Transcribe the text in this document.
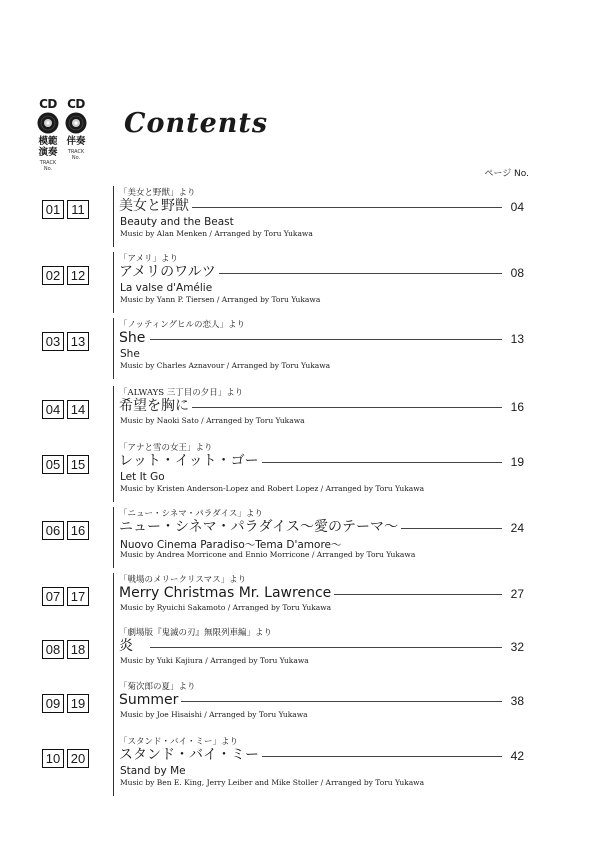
CD
模範演奏
TRACK No.
CD
伴奏
TRACK No.
Contents
ページ No.
01 11
「美女と野獣」より
美女と野獣	04
Beauty and the Beast
Music by Alan Menken / Arranged by Toru Yukawa
02 12
「アメリ」より
アメリのワルツ	08
La valse d'Amélie
Music by Yann P. Tiersen / Arranged by Toru Yukawa
03 13
「ノッティングヒルの恋人」より
She	13
She
Music by Charles Aznavour / Arranged by Toru Yukawa
04 14
「ALWAYS 三丁目の夕日」より
希望を胸に	16
Music by Naoki Sato / Arranged by Toru Yukawa
05 15
「アナと雪の女王」より
レット・イット・ゴー	19
Let It Go
Music by Kristen Anderson-Lopez and Robert Lopez / Arranged by Toru Yukawa
06 16
「ニュー・シネマ・パラダイス」より
ニュー・シネマ・パラダイス〜愛のテーマ〜	24
Nuovo Cinema Paradiso〜Tema D'amore〜
Music by Andrea Morricone and Ennio Morricone / Arranged by Toru Yukawa
07 17
「戦場のメリークリスマス」より
Merry Christmas Mr. Lawrence	27
Music by Ryuichi Sakamoto / Arranged by Toru Yukawa
08 18
「劇場版『鬼滅の刃』無限列車編」より
炎	32
Music by Yuki Kajiura / Arranged by Toru Yukawa
09 19
「菊次郎の夏」より
Summer	38
Music by Joe Hisaishi / Arranged by Toru Yukawa
10 20
「スタンド・バイ・ミー」より
スタンド・バイ・ミー	42
Stand by Me
Music by Ben E. King, Jerry Leiber and Mike Stoller / Arranged by Toru Yukawa
